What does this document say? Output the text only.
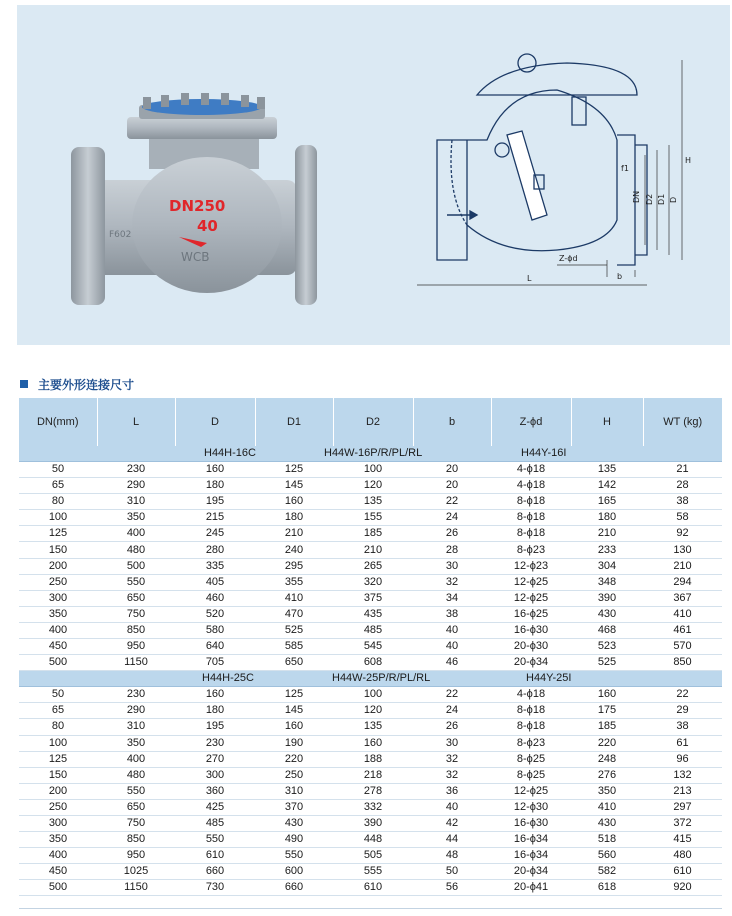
DN250
40
WCB
F602
H
L
DN D2 D1 D
b
f1
Z-ϕd
主要外形连接尺寸
DN(mm)	L	D	D1	D2	b	Z-ϕd	H	WT (kg)

H44H-16C H44W-16P/R/PL/RL H44Y-16I								

50	230	160	125	100	20	4-ϕ18	135	21
65	290	180	145	120	20	4-ϕ18	142	28
80	310	195	160	135	22	8-ϕ18	165	38
100	350	215	180	155	24	8-ϕ18	180	58
125	400	245	210	185	26	8-ϕ18	210	92
150	480	280	240	210	28	8-ϕ23	233	130
200	500	335	295	265	30	12-ϕ23	304	210
250	550	405	355	320	32	12-ϕ25	348	294
300	650	460	410	375	34	12-ϕ25	390	367
350	750	520	470	435	38	16-ϕ25	430	410
400	850	580	525	485	40	16-ϕ30	468	461
450	950	640	585	545	40	20-ϕ30	523	570
500	1150	705	650	608	46	20-ϕ34	525	850

H44H-25C H44W-25P/R/PL/RL H44Y-25I								

50	230	160	125	100	22	4-ϕ18	160	22
65	290	180	145	120	24	8-ϕ18	175	29
80	310	195	160	135	26	8-ϕ18	185	38
100	350	230	190	160	30	8-ϕ23	220	61
125	400	270	220	188	32	8-ϕ25	248	96
150	480	300	250	218	32	8-ϕ25	276	132
200	550	360	310	278	36	12-ϕ25	350	213
250	650	425	370	332	40	12-ϕ30	410	297
300	750	485	430	390	42	16-ϕ30	430	372
350	850	550	490	448	44	16-ϕ34	518	415
400	950	610	550	505	48	16-ϕ34	560	480
450	1025	660	600	555	50	20-ϕ34	582	610
500	1150	730	660	610	56	20-ϕ41	618	920
